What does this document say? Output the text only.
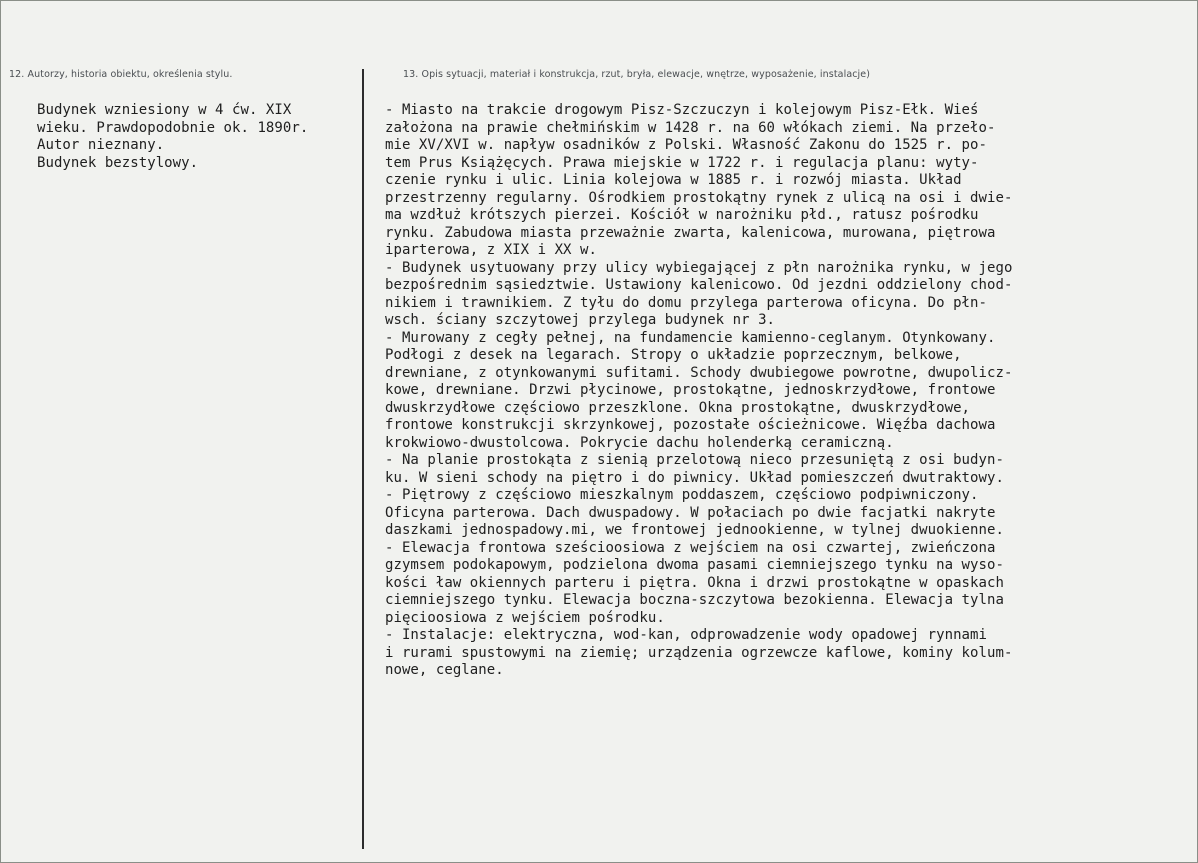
12. Autorzy, historia obiektu, określenia stylu.	13. Opis sytuacji, materiał i konstrukcja, rzut, bryła, elewacje, wnętrze, wyposażenie, instalacje)
Budynek wzniesiony w 4 ćw. XIX
wieku. Prawdopodobnie ok. 1890r.
Autor nieznany.
Budynek bezstylowy.
- Miasto na trakcie drogowym Pisz-Szczuczyn i kolejowym Pisz-Ełk. Wieś
założona na prawie chełmińskim w 1428 r. na 60 włókach ziemi. Na przeło-
mie XV/XVI w. napływ osadników z Polski. Własność Zakonu do 1525 r. po-
tem Prus Książęcych. Prawa miejskie w 1722 r. i regulacja planu: wyty-
czenie rynku i ulic. Linia kolejowa w 1885 r. i rozwój miasta. Układ
przestrzenny regularny. Ośrodkiem prostokątny rynek z ulicą na osi i dwie-
ma wzdłuż krótszych pierzei. Kościół w narożniku płd., ratusz pośrodku
rynku. Zabudowa miasta przeważnie zwarta, kalenicowa, murowana, piętrowa
iparterowa, z XIX i XX w.
- Budynek usytuowany przy ulicy wybiegającej z płn narożnika rynku, w jego
bezpośrednim sąsiedztwie. Ustawiony kalenicowo. Od jezdni oddzielony chod-
nikiem i trawnikiem. Z tyłu do domu przylega parterowa oficyna. Do płn-
wsch. ściany szczytowej przylega budynek nr 3.
- Murowany z cegły pełnej, na fundamencie kamienno-ceglanym. Otynkowany.
Podłogi z desek na legarach. Stropy o układzie poprzecznym, belkowe,
drewniane, z otynkowanymi sufitami. Schody dwubiegowe powrotne, dwupolicz-
kowe, drewniane. Drzwi płycinowe, prostokątne, jednoskrzydłowe, frontowe
dwuskrzydłowe częściowo przeszklone. Okna prostokątne, dwuskrzydłowe,
frontowe konstrukcji skrzynkowej, pozostałe ościeżnicowe. Więźba dachowa
krokwiowo-dwustolcowa. Pokrycie dachu holenderką ceramiczną.
- Na planie prostokąta z sienią przelotową nieco przesuniętą z osi budyn-
ku. W sieni schody na piętro i do piwnicy. Układ pomieszczeń dwutraktowy.
- Piętrowy z częściowo mieszkalnym poddaszem, częściowo podpiwniczony.
Oficyna parterowa. Dach dwuspadowy. W połaciach po dwie facjatki nakryte
daszkami jednospadowy.mi, we frontowej jednookienne, w tylnej dwuokienne.
- Elewacja frontowa sześcioosiowa z wejściem na osi czwartej, zwieńczona
gzymsem podokapowym, podzielona dwoma pasami ciemniejszego tynku na wyso-
kości ław okiennych parteru i piętra. Okna i drzwi prostokątne w opaskach
ciemniejszego tynku. Elewacja boczna-szczytowa bezokienna. Elewacja tylna
pięcioosiowa z wejściem pośrodku.
- Instalacje: elektryczna, wod-kan, odprowadzenie wody opadowej rynnami
i rurami spustowymi na ziemię; urządzenia ogrzewcze kaflowe, kominy kolum-
nowe, ceglane.
